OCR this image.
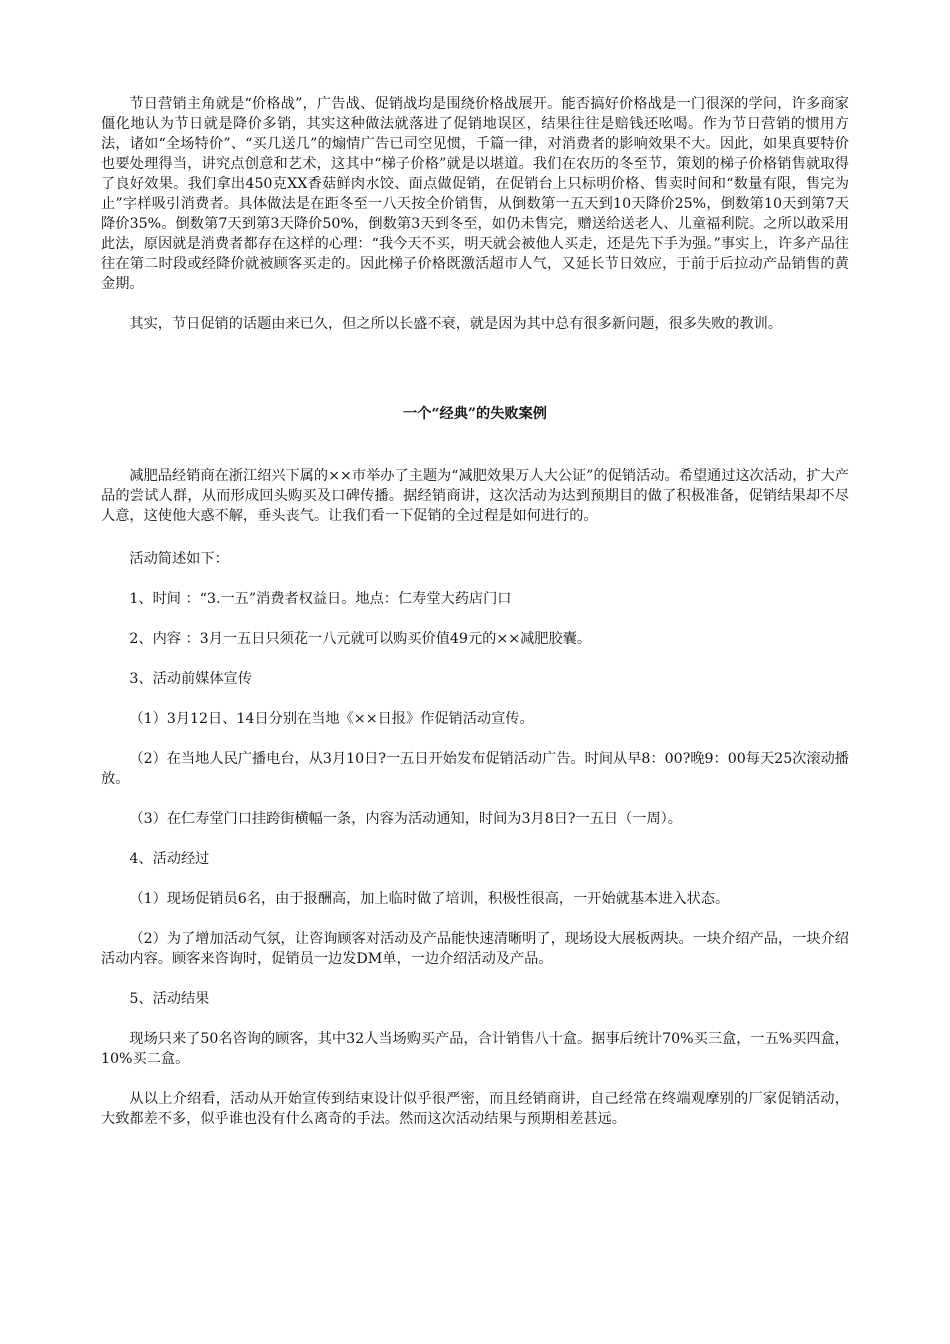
节日营销主角就是“价格战”，广告战、促销战均是围绕价格战展开。能否搞好价格战是一门很深的学问，许多商家僵化地认为节日就是降价多销，其实这种做法就落进了促销地误区，结果往往是赔钱还吆喝。作为节日营销的惯用方法，诸如“全场特价”、“买几送几”的煽情广告已司空见惯，千篇一律，对消费者的影响效果不大。因此，如果真要特价也要处理得当，讲究点创意和艺术，这其中“梯子价格”就是以堪道。我们在农历的冬至节，策划的梯子价格销售就取得了良好效果。我们拿出450克XX香菇鲜肉水饺、面点做促销，在促销台上只标明价格、售卖时间和“数量有限，售完为止”字样吸引消费者。具体做法是在距冬至一八天按全价销售，从倒数第一五天到10天降价25%，倒数第10天到第7天降价35%。倒数第7天到第3天降价50%，倒数第3天到冬至，如仍未售完，赠送给送老人、儿童福利院。之所以敢采用此法，原因就是消费者都存在这样的心理：“我今天不买，明天就会被他人买走，还是先下手为强。”事实上，许多产品往往在第二时段或经降价就被顾客买走的。因此梯子价格既激活超市人气，又延长节日效应，于前于后拉动产品销售的黄金期。

其实，节日促销的话题由来已久，但之所以长盛不衰，就是因为其中总有很多新问题，很多失败的教训。

一个“经典”的失败案例

减肥品经销商在浙江绍兴下属的××市举办了主题为“减肥效果万人大公证”的促销活动。希望通过这次活动，扩大产品的尝试人群，从而形成回头购买及口碑传播。据经销商讲，这次活动为达到预期目的做了积极准备，促销结果却不尽人意，这使他大惑不解，垂头丧气。让我们看一下促销的全过程是如何进行的。

活动简述如下：

1、时间 ：“3.一五”消费者权益日。地点：仁寿堂大药店门口

2、内容 ：3月一五日只须花一八元就可以购买价值49元的××减肥胶囊。

3、活动前媒体宣传

（1）3月12日、14日分别在当地《××日报》作促销活动宣传。

（2）在当地人民广播电台，从3月10日?一五日开始发布促销活动广告。时间从早8：00?晚9：00每天25次滚动播放。

（3）在仁寿堂门口挂跨街横幅一条，内容为活动通知，时间为3月8日?一五日（一周）。

4、活动经过

（1）现场促销员6名，由于报酬高，加上临时做了培训，积极性很高，一开始就基本进入状态。

（2）为了增加活动气氛，让咨询顾客对活动及产品能快速清晰明了，现场设大展板两块。一块介绍产品，一块介绍活动内容。顾客来咨询时，促销员一边发DM单，一边介绍活动及产品。

5、活动结果

现场只来了50名咨询的顾客，其中32人当场购买产品，合计销售八十盒。据事后统计70%买三盒，一五%买四盒，10%买二盒。

从以上介绍看，活动从开始宣传到结束设计似乎很严密，而且经销商讲，自己经常在终端观摩别的厂家促销活动，大致都差不多，似乎谁也没有什么离奇的手法。然而这次活动结果与预期相差甚远。
